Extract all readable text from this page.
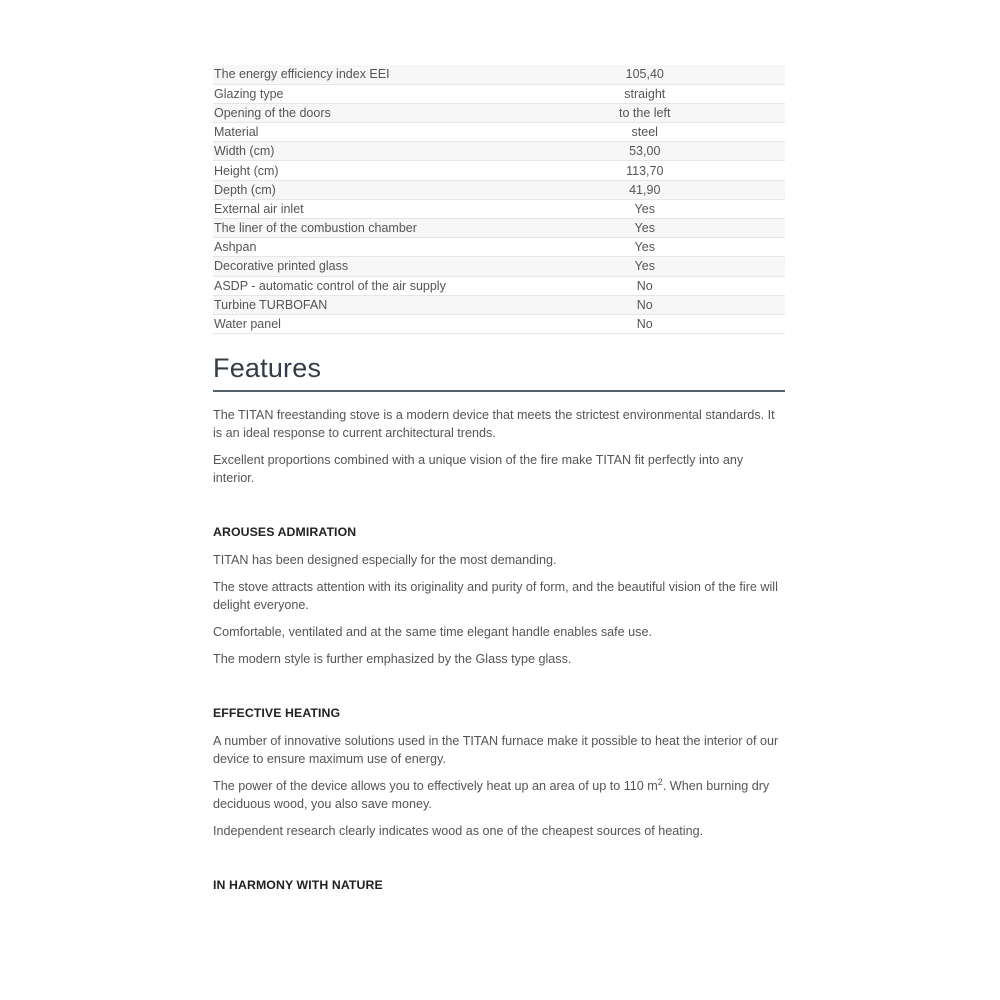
The energy efficiency index EEI	105,40
Glazing type	straight
Opening of the doors	to the left
Material	steel
Width (cm)	53,00
Height (cm)	113,70
Depth (cm)	41,90
External air inlet	Yes
The liner of the combustion chamber	Yes
Ashpan	Yes
Decorative printed glass	Yes
ASDP - automatic control of the air supply	No
Turbine TURBOFAN	No
Water panel	No
Features

The TITAN freestanding stove is a modern device that meets the strictest environmental standards. It is an ideal response to current architectural trends.

Excellent proportions combined with a unique vision of the fire make TITAN fit perfectly into any interior.

AROUSES ADMIRATION

TITAN has been designed especially for the most demanding.

The stove attracts attention with its originality and purity of form, and the beautiful vision of the fire will delight everyone.

Comfortable, ventilated and at the same time elegant handle enables safe use.

The modern style is further emphasized by the Glass type glass.

EFFECTIVE HEATING

A number of innovative solutions used in the TITAN furnace make it possible to heat the interior of our device to ensure maximum use of energy.

The power of the device allows you to effectively heat up an area of up to 110 $m^2$. When burning dry deciduous wood, you also save money.

Independent research clearly indicates wood as one of the cheapest sources of heating.

IN HARMONY WITH NATURE
